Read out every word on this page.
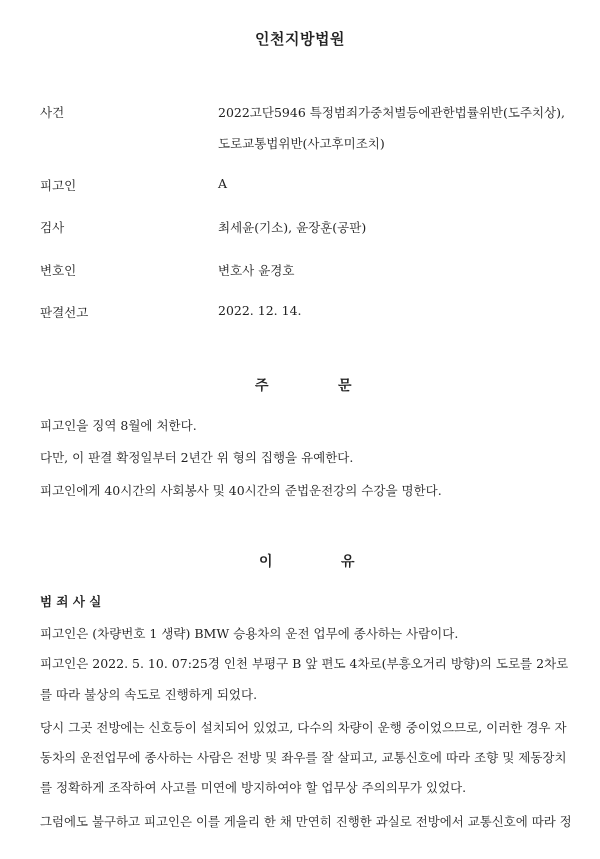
인천지방법원
사건	2022고단5946 특정범죄가중처벌등에관한법률위반(도주치상),
도로교통법위반(사고후미조치)
피고인	A
검사	최세윤(기소), 윤장훈(공판)
변호인	변호사 윤경호
판결선고	2022. 12. 14.
주	문
피고인을 징역 8월에 처한다.
다만, 이 판결 확정일부터 2년간 위 형의 집행을 유예한다.
피고인에게 40시간의 사회봉사 및 40시간의 준법운전강의 수강을 명한다.
이	유
범 죄 사 실
피고인은 (차량번호 1 생략) BMW 승용차의 운전 업무에 종사하는 사람이다.
피고인은 2022. 5. 10. 07:25경 인천 부평구 B 앞 편도 4차로(부흥오거리 방향)의 도로를 2차로
를 따라 불상의 속도로 진행하게 되었다.
당시 그곳 전방에는 신호등이 설치되어 있었고, 다수의 차량이 운행 중이었으므로, 이러한 경우 자
동차의 운전업무에 종사하는 사람은 전방 및 좌우를 잘 살피고, 교통신호에 따라 조향 및 제동장치
를 정확하게 조작하여 사고를 미연에 방지하여야 할 업무상 주의의무가 있었다.
그럼에도 불구하고 피고인은 이를 게을리 한 채 만연히 진행한 과실로 전방에서 교통신호에 따라 정
